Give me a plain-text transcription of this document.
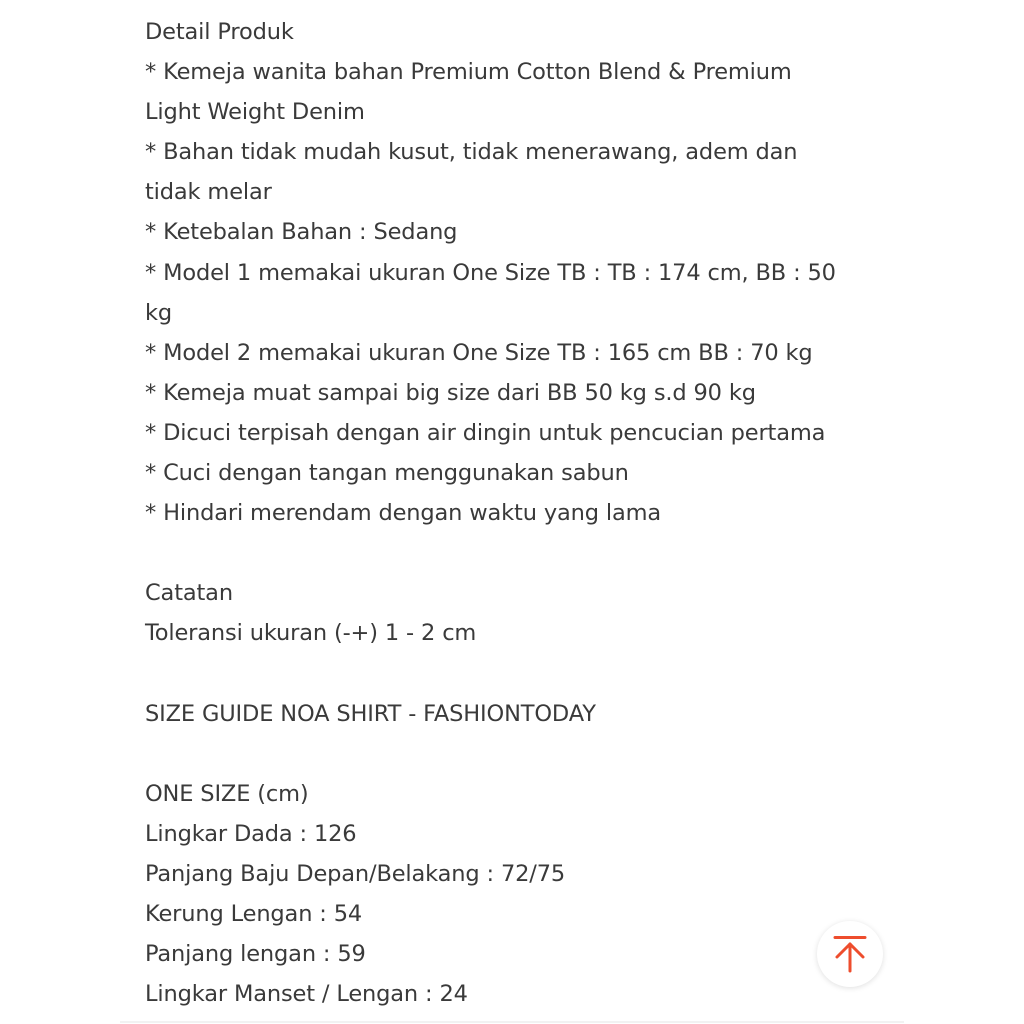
Detail Produk
* Kemeja wanita bahan Premium Cotton Blend & Premium
Light Weight Denim
* Bahan tidak mudah kusut, tidak menerawang, adem dan
tidak melar
* Ketebalan Bahan : Sedang
* Model 1 memakai ukuran One Size TB : TB : 174 cm, BB : 50
kg
* Model 2 memakai ukuran One Size TB : 165 cm BB : 70 kg
* Kemeja muat sampai big size dari BB 50 kg s.d 90 kg
* Dicuci terpisah dengan air dingin untuk pencucian pertama
* Cuci dengan tangan menggunakan sabun
* Hindari merendam dengan waktu yang lama
Catatan
Toleransi ukuran (-+) 1 - 2 cm
SIZE GUIDE NOA SHIRT - FASHIONTODAY
ONE SIZE (cm)
Lingkar Dada : 126
Panjang Baju Depan/Belakang : 72/75
Kerung Lengan : 54
Panjang lengan : 59
Lingkar Manset / Lengan : 24
